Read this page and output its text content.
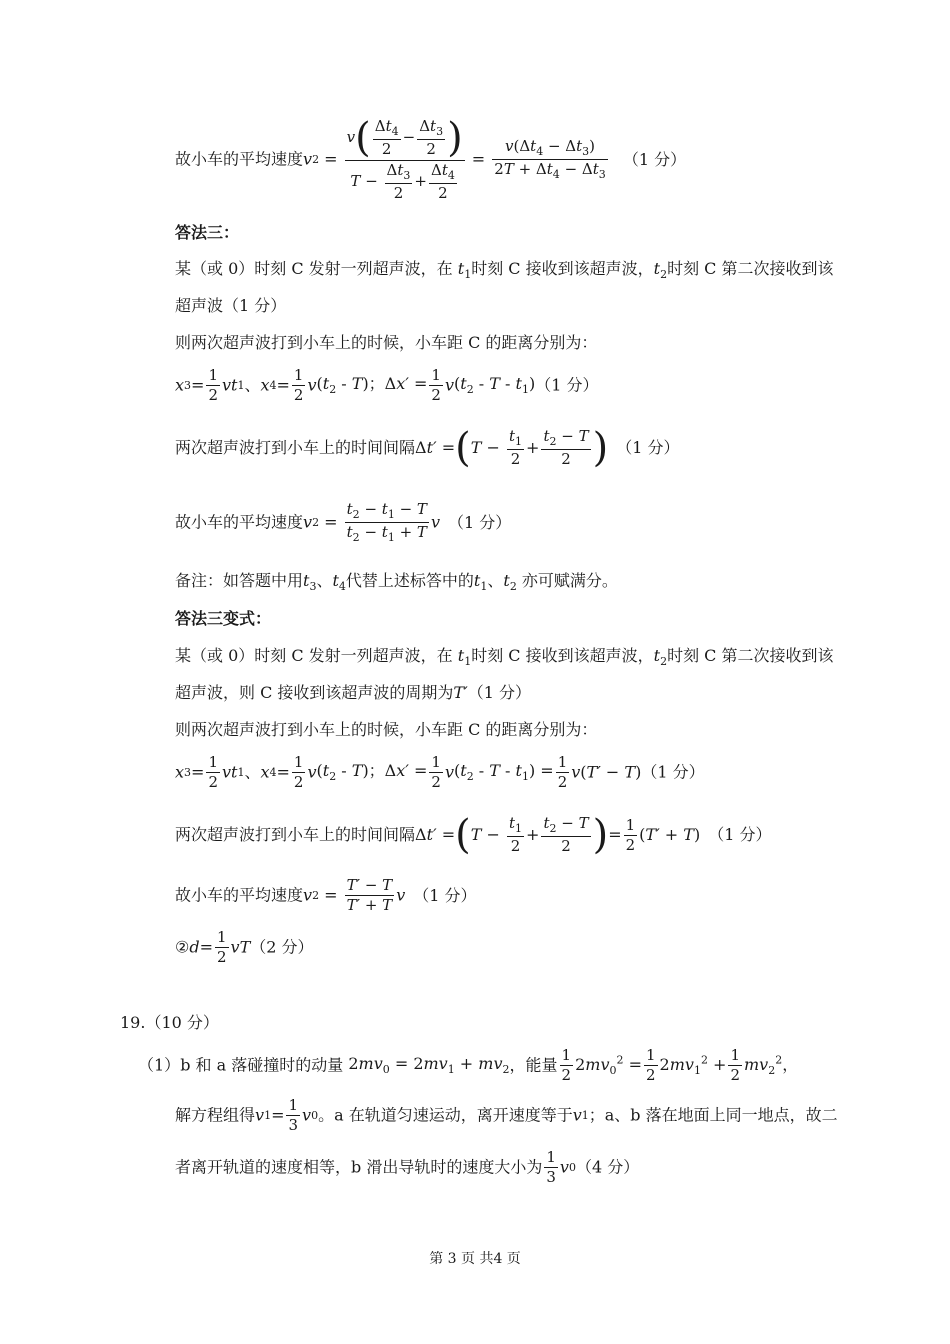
故小车的平均速度$v2 = \frac{v( \frac{\Delta t_4}{2} - \frac{\Delta t_3}{2} )}{T - \frac{\Delta t_3}{2} + \frac{\Delta t_4}{2}} = \frac{v(\Delta t_4 - \Delta t_3)}{2T + \Delta t_4 - \Delta t_3} (1$ 分）
答法三：
某（或 0）时刻 C 发射一列超声波，在 $t_1$时刻 C 接收到该超声波，$t_2$时刻 C 第二次接收到该
超声波（1 分）
则两次超声波打到小车上的时候，小车距 C 的距离分别为：
$x3= \frac{1}{2} vt1$、$x4= \frac{1}{2} v(t_2 - T)$；$\Delta x' = \frac{1}{2} v(t_2 - T - t_1)(1$ 分）
两次超声波打到小车上的时间间隔$\Delta t' =(T - \frac{t_1}{2} + \frac{t_2 - T}{2}$ ) （1 分）
故小车的平均速度$v2 = \frac{t_2 - t_1 - T}{t_2 - t_1 + T}$ v （1 分）
备注：如答题中用$t_3$、$t_4$代替上述标答中的$t_1$、$t_2$ 亦可赋满分。
答法三变式：
某（或 0）时刻 C 发射一列超声波，在 $t_1$时刻 C 接收到该超声波，$t_2$时刻 C 第二次接收到该
超声波，则 C 接收到该超声波的周期为T′（1 分）
则两次超声波打到小车上的时候，小车距 C 的距离分别为：
$x3= \frac{1}{2} vt1$、$x4= \frac{1}{2} v(t_2 - T)$；$\Delta x' = \frac{1}{2} v(t_2 - T - t_1) = \frac{1}{2} v(T' - T)(1$ 分）
两次超声波打到小车上的时间间隔$\Delta t' =(T - \frac{t_1}{2} + \frac{t_2 - T}{2}$ )= $\frac{1}{2} (T' + T)$ （1 分）
故小车的平均速度$v2 = \frac{T' - T}{T' + T}$ v （1 分）
②d= $\frac{1}{2} vT(2$ 分）
19.（10 分）
（1）b 和 a 落碰撞时的动量 $2mv_0 = 2mv_1 + mv_2$，能量 $\frac{1}{2} 2mv_0^2 = \frac{1}{2} 2mv_1^2 + \frac{1}{2} mv_2^2$，
解方程组得$v1= \frac{1}{3} v0$。a 在轨道匀速运动，离开速度等于v1；a、b 落在地面上同一地点，故二
者离开轨道的速度相等，b 滑出导轨时的速度大小为 $\frac{1}{3} v0(4$ 分）
第 3 页 共4 页
